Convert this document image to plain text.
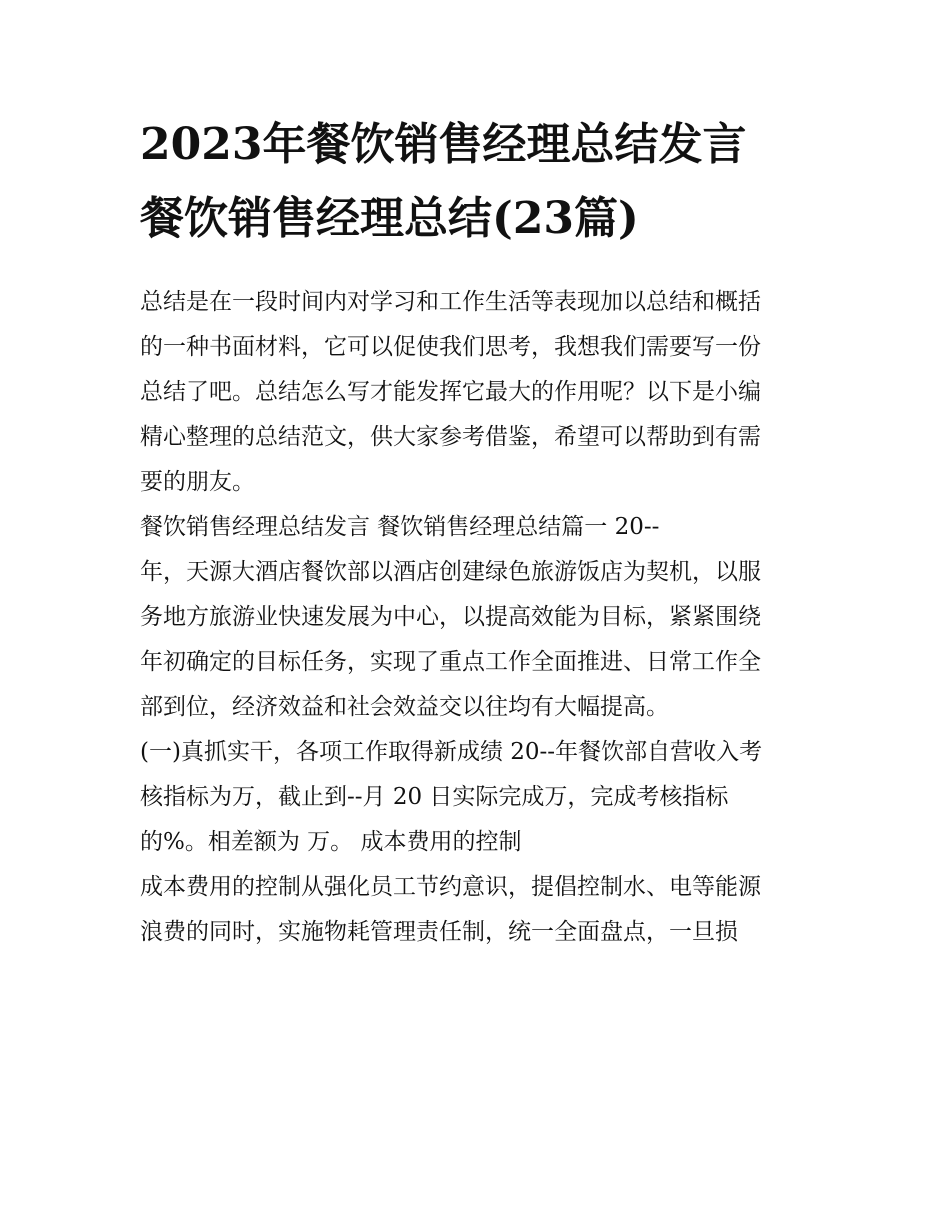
2023年餐饮销售经理总结发言
餐饮销售经理总结(23篇)
总结是在一段时间内对学习和工作生活等表现加以总结和概括
的一种书面材料，它可以促使我们思考，我想我们需要写一份
总结了吧。总结怎么写才能发挥它最大的作用呢？以下是小编
精心整理的总结范文，供大家参考借鉴，希望可以帮助到有需
要的朋友。
餐饮销售经理总结发言 餐饮销售经理总结篇一 20--
年，天源大酒店餐饮部以酒店创建绿色旅游饭店为契机，以服
务地方旅游业快速发展为中心，以提高效能为目标，紧紧围绕
年初确定的目标任务，实现了重点工作全面推进、日常工作全
部到位，经济效益和社会效益交以往均有大幅提高。
(一)真抓实干，各项工作取得新成绩 20--年餐饮部自营收入考
核指标为万，截止到--月 20 日实际完成万，完成考核指标
的%。相差额为 万。 成本费用的控制
成本费用的控制从强化员工节约意识，提倡控制水、电等能源
浪费的同时，实施物耗管理责任制，统一全面盘点，一旦损
